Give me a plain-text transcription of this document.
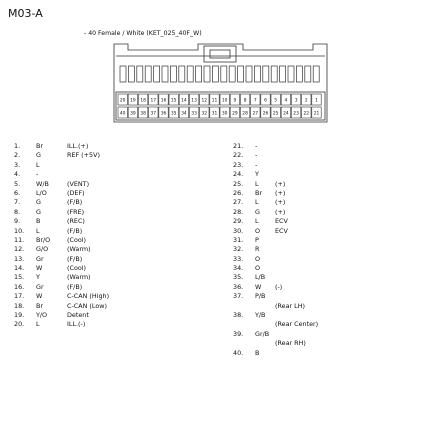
M03-A
- 40 Female / White (KET_025_40F_W)
20 19 18 17 16 15 14 13 12 11 10 9 8 7 6 5 4 3 2 1
40 39 38 37 36 35 34 33 32 31 30 29 28 27 26 25 24 23 22 21
1. Br	ILL.(+)
2. G	REF (+5V)
3. L
4. -
5. W/B	(VENT)
6. L/O	(DEF)
7. G	(F/B)
8. G	(FRE)
9. B	(REC)
10. L	(F/B)
11. Br/O	(Cool)
12. G/O	(Warm)
13. Gr	(F/B)
14. W	(Cool)
15. Y	(Warm)
16. Gr	(F/B)
17. W	C-CAN (High)
18. Br	C-CAN (Low)
19. Y/O	Detent
20. L	ILL.(-)
21. -
22. -
23. -
24. Y
25. L	(+)
26. Br (+)
27. L	(+)
28. G (+)
29. L	ECV
30. O ECV
31. P
32. R
33. O
34. O
35. L/B
36. W (-)
37. P/B
(Rear LH)
38. Y/B
(Rear Center)
39. Gr/B
(Rear RH)
40. B
